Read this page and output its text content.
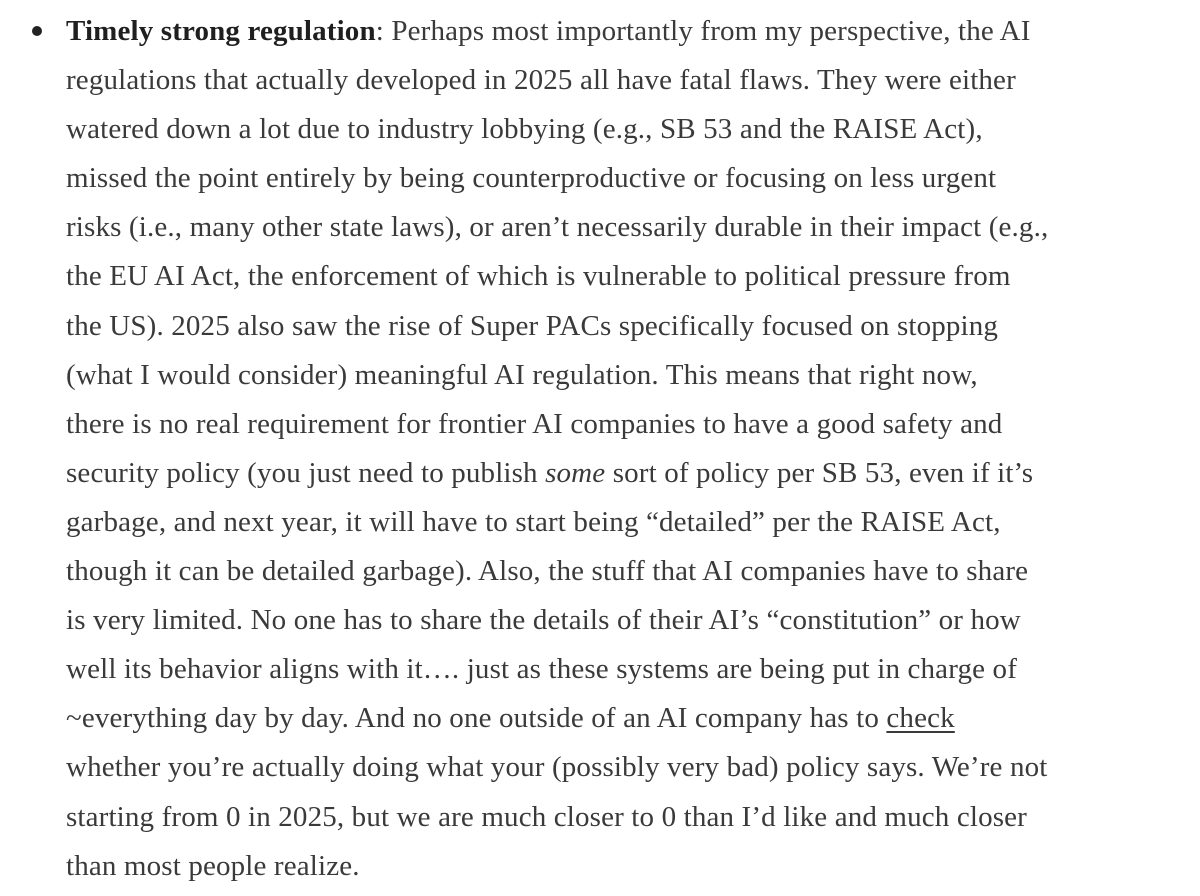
Timely strong regulation: Perhaps most importantly from my perspective, the AI
regulations that actually developed in 2025 all have fatal flaws. They were either
watered down a lot due to industry lobbying (e.g., SB 53 and the RAISE Act),
missed the point entirely by being counterproductive or focusing on less urgent
risks (i.e., many other state laws), or aren’t necessarily durable in their impact (e.g.,
the EU AI Act, the enforcement of which is vulnerable to political pressure from
the US). 2025 also saw the rise of Super PACs specifically focused on stopping
(what I would consider) meaningful AI regulation. This means that right now,
there is no real requirement for frontier AI companies to have a good safety and
security policy (you just need to publish some sort of policy per SB 53, even if it’s
garbage, and next year, it will have to start being “detailed” per the RAISE Act,
though it can be detailed garbage). Also, the stuff that AI companies have to share
is very limited. No one has to share the details of their AI’s “constitution” or how
well its behavior aligns with it…. just as these systems are being put in charge of
~everything day by day. And no one outside of an AI company has to check
whether you’re actually doing what your (possibly very bad) policy says. We’re not
starting from 0 in 2025, but we are much closer to 0 than I’d like and much closer
than most people realize.
